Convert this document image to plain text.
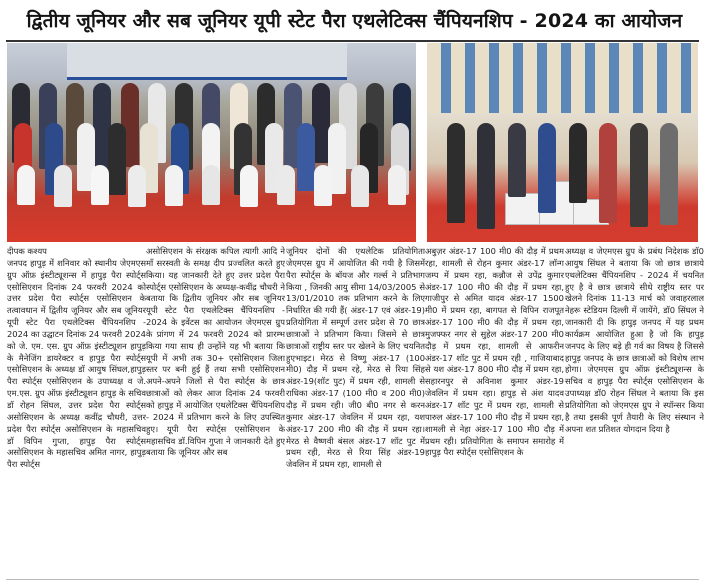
द्वितीय जूनियर और सब जूनियर यूपी स्टेट पैरा एथलेटिक्स चैंपियनशिप - 2024 का आयोजन

दीपक कश्यप

जनपद हापुड़ में शनिवार को स्थानीय जेएमएस ग्रुप ऑफ़ इंस्टीट्यूशन्स में हापुड़ पैरा स्पोर्ट्स एसोसिएशन दिनांक 24 फरवरी 2024 को उत्तर प्रदेश पैरा स्पोर्ट्स एसोसिएशन के तत्वावधान में द्वितीय जूनियर और सब जूनियर यूपी स्टेट पैरा एथलेटिक्स चैंपियनशिप - 2024 का उद्घाटन दिनांक 24 फरवरी 2024 को जे. एम. एस. ग्रुप ऑफ़ इंस्टीट्यूशन हापुड़ के मैनेजिंग डायरेक्टर व हापुड़ पैरा स्पोर्ट्स एसोसिएशन के अध्यक्ष डॉ आयुष सिंघल,हापुड़ पैरा स्पोर्ट्स एसोसिएशन के उपाध्यक्ष व जे. एम.एस. ग्रुप ऑफ़ इंस्टीट्यूशन हापुड़ के सचिव डॉ रोहन सिंघल, उत्तर प्रदेश पैरा स्पोर्ट्स असोसिएशन के अध्यक्ष कवींद्र चौधरी, उत्तर प्रदेश पैरा स्पोर्ट्स असोसिएशन के महासचिव डॉ विपिन गुप्ता, हापुड़ पैरा स्पोर्ट्स असोसिएशन के महासचिव अमित नागर, हापुड़ पैरा स्पोर्ट्स

असोसिएशन के संरक्षक कपिल त्यागी आदि ने माँ सरस्वती के समक्ष दीप प्रज्वलित करते हुए किया। यह जानकारी देते हुए उत्तर प्रदेश पैरा स्पोर्ट्स एसोसिएशन के अध्यक्ष-कवींद्र चौधरी ने बताया कि द्वितीय जूनियर और सब जूनियर यूपी स्टेट पैरा एथलेटिक्स चैंपियनशिप - 2024 के इवेंटस का आयोजन जेएमएस ग्रुप के प्रांगण में 24 फरवरी 2024 को प्रारम्भ किया गया साथ ही उन्होंने यह भी बताया कि यूपी में अभी तक 30+ एसोसिएशन जिला स्तर पर बनी हुई हैं तथा सभी एसोसिएशन अपने-अपने जिलों से पैरा स्पोर्ट्स के छात्र छात्राओं को लेकर आज दिनांक 24 फरवरी को हापुड़ में आयोजित एथलेटिक्स चैंपियनशिप - 2024 में प्रतिभाग करने के लिए उपस्थित हुए। यूपी पैरा स्पोर्ट्स एसोसिएशन के महासचिव डॉ.विपिन गुप्ता ने जानकारी देते हुए बताया कि जूनियर और सब

जूनियर दोनों की एथलेटिक प्रतियोगिता जेएमएस ग्रुप में आयोजित की गयी है जिसमें पैरा स्पोर्ट्स के बॉयज और गर्ल्स ने प्रतिभाग किया , जिनकी आयु सीमा 14/03/2005 से 13/01/2010 तक प्रतिभाग करने के लिए निर्धारित की गयी हैं( अंडर-17 एवं अंडर-19) प्रतियोगिता में सम्पूर्ण उत्तर प्रदेश से 70 छात्र छात्राओं ने प्रतिभाग किया। जिसमे से छात्र छात्राओं राष्ट्रीय स्तर पर खेलने के लिए चयनित हुएभाइट। मेरठ से विष्णु अंडर-17 (100 मी0) दौड़ में प्रथम रहे, मेरठ से रिया सिंह अंडर-19(शॉट पुट) में प्रथम रही, शामली से राधिका अंडर-17 (100 मी0 व 200 मी0) दौड़ में प्रथम रही। जी0 बी0 नगर से करन कुमार अंडर-17 जेवलिन में प्रथम रहा, यश अंडर-17 200 मी0 की दौड़ में प्रथम रहा। मेरठ से वैष्णवी बंसल अंडर-17 शॉट पुट में प्रथम रही, मेरठ से रिया सिंह अंडर-19 जेवलिन में प्रथम रहा, शामली से

अबुज़र अंडर-17 100 मी0 की दौड़ में प्रथम रहा, शामली से रोहन कुमार अंडर-17 लॉन्ग जम्प में प्रथम रहा, कन्नौज से उपेंद्र कुमार अंडर-17 100 मी0 की दौड़ में प्रथम रहा, गाजीपुर से अमित यादव अंडर-17 1500 मी0 में प्रथम रहा, बागपत से विपिन राजपूत अंडर-17 100 मी0 की दौड़ में प्रथम रहा, मुजफ्फर नगर से सुहेल अंडर-17 200 मी0 दौड़ में प्रथम रहा, शामली से आफरीन अंडर-17 शॉट पुट में प्रथम रही , गाजियाबाद से यश अंडर-17 800 मी0 दौड़ में प्रथम रहा, सहारनपुर से अविनाश कुमार अंडर-19 जेवलिन में प्रथम रहा। हापुड़ से अंश यादव अंडर-17 शॉट पुट में प्रथम रहा, शामली से पारुल अंडर-17 100 मी0 दौड़ में प्रथम रहा, शामली से नेहा अंडर-17 100 मी0 दौड़ में प्रथम रही। प्रतियोगिता के समापन समारोह में हापुड़ पैरा स्पोर्ट्स एसोसिएशन के

अध्यक्ष व जेएमएस ग्रुप के प्रबंध निदेशक डॉ0 आयुष सिंघल ने बताया कि जो छात्र छात्राये एथलेटिक्स चैंपियनशिप - 2024 में चयनित हुए है वे छात्र छात्राये सीधे राष्ट्रीय स्तर पर खेलने दिनांक 11-13 मार्च को जवाहरलाल नेहरू स्टेडियम दिल्ली में जायेंगे, डॉ0 सिंघल ने जानकारी दी कि हापुड़ जनपद में यह प्रथम कार्यक्रम आयोजित हुआ है जो कि हापुड़ जनपद के लिए बड़े ही गर्व का विषय है जिससे हापुड़ जनपद के छात्र छात्राओं को विशेष लाभ होगा। जेएमएस ग्रुप ऑफ़ इंस्टीट्यूशन्स के सचिव व हापुड़ पैरा स्पोर्ट्स एसोसिएशन के उपाध्यक्ष डॉ0 रोहन सिंघल ने बताया कि इस प्रतियोगिता को जेएमएस ग्रुप ने स्पॉन्सर किया है तथा इसकी पूर्ण तैयारी के लिए संस्थान ने अपना शत प्रतिशत योगदान दिया है
